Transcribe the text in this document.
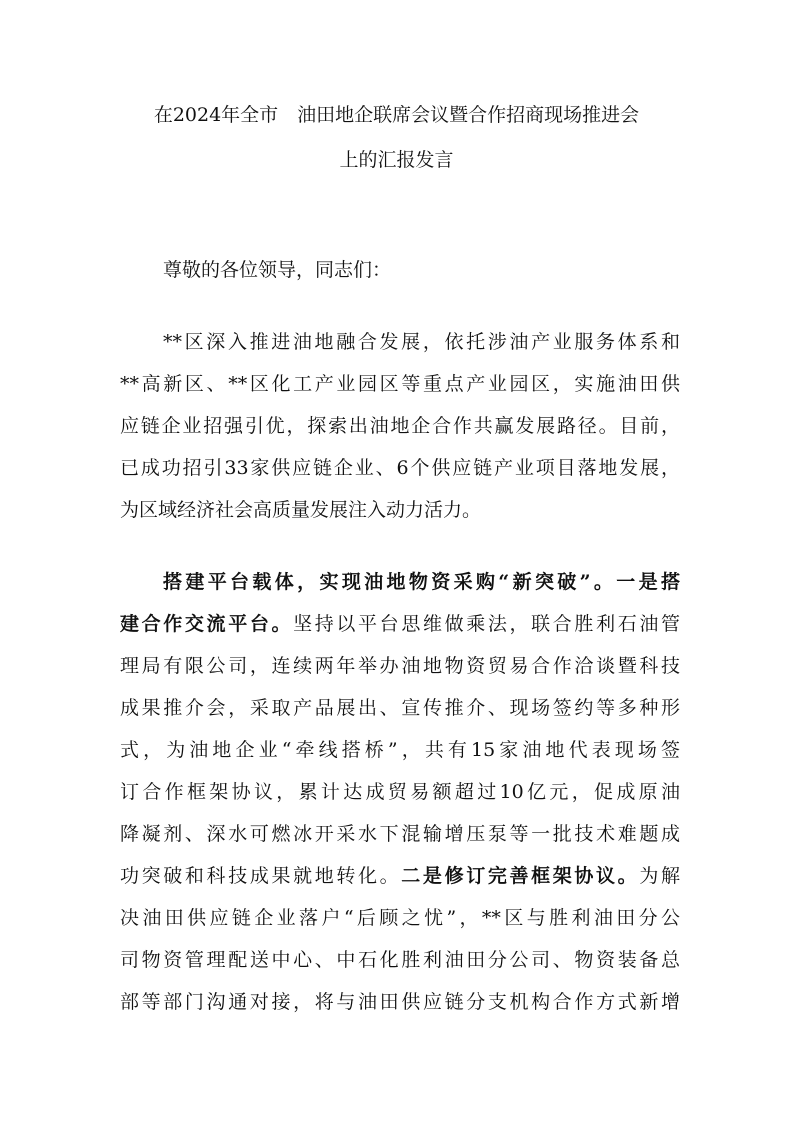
在2024年全市　油田地企联席会议暨合作招商现场推进会
上的汇报发言
尊敬的各位领导，同志们：
**区深入推进油地融合发展，依托涉油产业服务体系和
**高新区、**区化工产业园区等重点产业园区，实施油田供
应链企业招强引优，探索出油地企合作共赢发展路径。目前，
已成功招引33家供应链企业、6个供应链产业项目落地发展，
为区域经济社会高质量发展注入动力活力。
搭建平台载体，实现油地物资采购“新突破”。一是搭
建合作交流平台。坚持以平台思维做乘法，联合胜利石油管
理局有限公司，连续两年举办油地物资贸易合作洽谈暨科技
成果推介会，采取产品展出、宣传推介、现场签约等多种形
式，为油地企业“牵线搭桥”，共有15家油地代表现场签
订合作框架协议，累计达成贸易额超过10亿元，促成原油
降凝剂、深水可燃冰开采水下混输增压泵等一批技术难题成
功突破和科技成果就地转化。二是修订完善框架协议。为解
决油田供应链企业落户“后顾之忧”，**区与胜利油田分公
司物资管理配送中心、中石化胜利油田分公司、物资装备总
部等部门沟通对接，将与油田供应链分支机构合作方式新增
